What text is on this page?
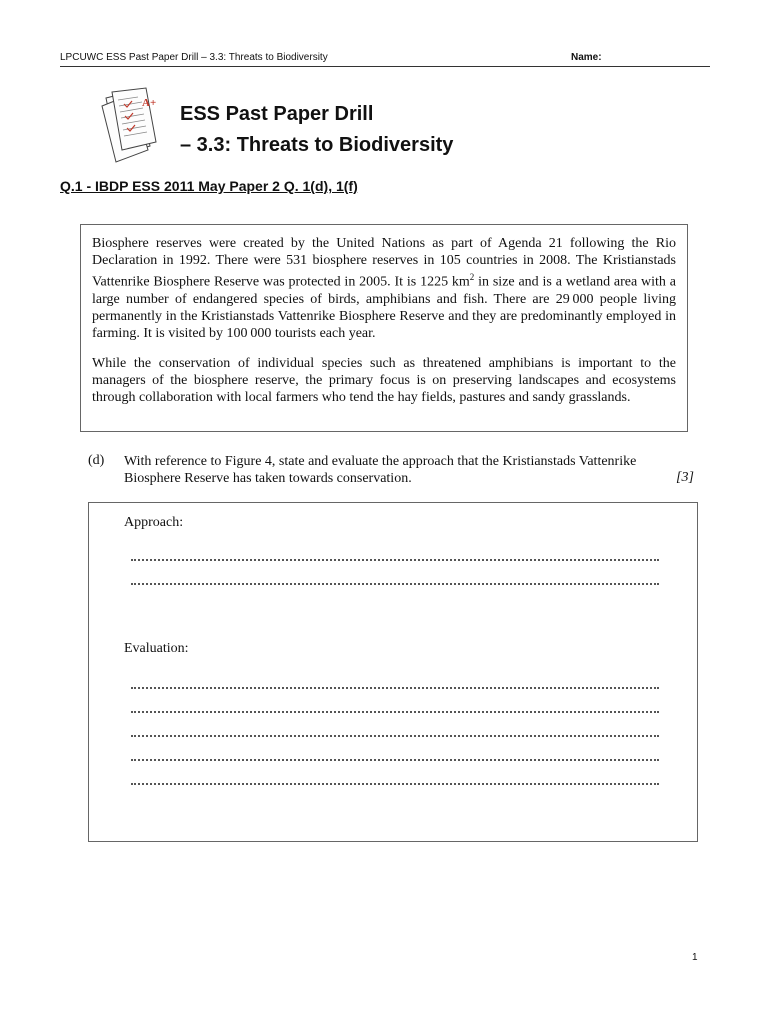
LPCUWC ESS Past Paper Drill – 3.3: Threats to Biodiversity	Name:
A+ ESS Past Paper Drill
– 3.3: Threats to Biodiversity
Q.1 - IBDP ESS 2011 May Paper 2 Q. 1(d), 1(f)
Biosphere reserves were created by the United Nations as part of Agenda 21 following the Rio Declaration in 1992. There were 531 biosphere reserves in 105 countries in 2008. The Kristianstads Vattenrike Biosphere Reserve was protected in 2005. It is 1225 $km^2$ in size and is a wetland area with a large number of endangered species of birds, amphibians and fish. There are 29 000 people living permanently in the Kristianstads Vattenrike Biosphere Reserve and they are predominantly employed in farming. It is visited by 100 000 tourists each year.
While the conservation of individual species such as threatened amphibians is important to the managers of the biosphere reserve, the primary focus is on preserving landscapes and ecosystems through collaboration with local farmers who tend the hay fields, pastures and sandy grasslands.
(d) With reference to Figure 4, state and evaluate the approach that the Kristianstads Vattenrike Biosphere Reserve has taken towards conservation.	[3]
Approach:
Evaluation:
1
